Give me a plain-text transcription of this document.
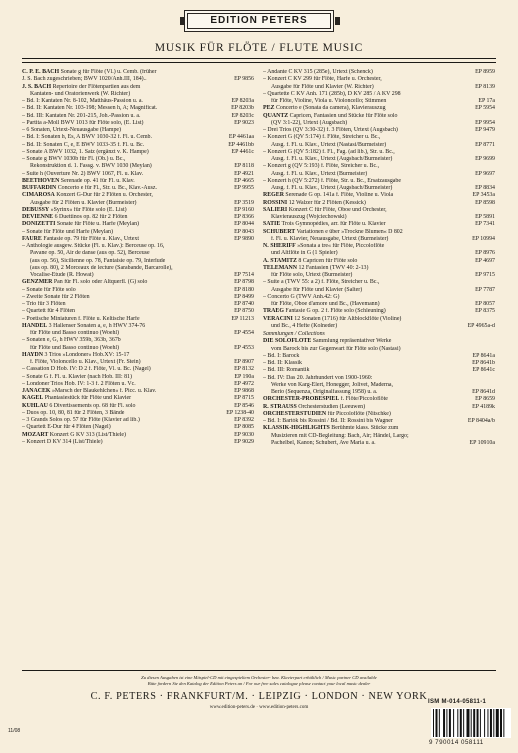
EDITION PETERS
MUSIK FÜR FLÖTE / FLUTE MUSIC
C. P. E. BACH Sonate g für Flöte (Vl.) u. Cemb. (früher
J. S. Bach zugeschrieben; BWV 1020/Anh.III, 184)..	EP 9856
J. S. BACH Repertoire der Flötenpartien aus dem
Kantaten- und Oratorienwerk (W. Richter)
– Bd. I: Kantaten Nr. 8-102, Matthäus-Passion u. a.	EP 8203a
– Bd. II: Kantaten Nr. 103-198; Messen h, A; Magnificat.	EP 8203b
– Bd. III: Kantaten Nr. 201-215, Joh.-Passion u. a.	EP 8203c
– Partita a-Moll BWV 1013 für Flöte solo, (E. List)	EP 9023
– 6 Sonaten, Urtext-Neuausgabe (Hampe)
– Bd. I: Sonaten h, Es, A BWV 1030-32 f. Fl. u. Cemb.	EP 4461aa
– Bd. II: Sonaten C, e, E BWV 1033-35 f. Fl. u. Bc.	EP 4461bb
– Sonate A BWV 1032, 1. Satz (ergänzt v. K. Hampe)	EP 4461c
– Sonate g BWV 1030b für Fl. (Ob.) u. Bc.,
Rekonstruktion d. 1. Fassg. v. BWV 1030 (Meylan)	EP 8118
– Suite h (Ouverture Nr. 2) BWV 1067, Fl. u. Klav.	EP 4921
BEETHOVEN Serenade op. 41 für Fl. u. Klav.	EP 4665
BUFFARDIN Concerto e für Fl., Str. u. Bc., Klav.-Ausz.	EP 9955
CIMAROSA Konzert G-Dur für 2 Flöten u. Orchester,
Ausgabe für 2 Flöten u. Klavier (Burmeister)	EP 3519
DEBUSSY »Syrinx« für Flöte solo (E. List)	EP 9160
DEVIENNE 6 Duettinos op. 82 für 2 Flöten	EP 8366
DONIZETTI Sonate für Flöte u. Harfe (Meylan)	EP 8044
– Sonate für Flöte und Harfe (Meylan)	EP 8043
FAURÉ Fantasie op. 79 für Flöte u. Klav., Urtext	EP 9890
– Anthologie ausgew. Stücke (Fl. u. Klav.): Berceuse op. 16,
Pavane op. 50, Air de danse (aus op. 52), Berceuse
(aus op. 56), Sicilienne op. 78, Fantaisie op. 79, Interlude
(aus op. 80), 2 Morceaux de lecture (Sarabande, Barcarolle),
Vocalise-Étude (R. Howat)	EP 7514
GENZMER Pan für Fl. solo oder Altquerfl. (G) solo	EP 8798
– Sonate für Flöte solo	EP 8180
– Zweite Sonate für 2 Flöten	EP 8499
– Trio für 3 Flöten	EP 8740
– Quartett für 4 Flöten	EP 8750
– Poetische Miniaturen f. Flöte u. Keltische Harfe	EP 11213
HÄNDEL 3 Hallenser Sonaten a, e, h HWV 374-76
für Flöte und Basso continuo (Woehl)	EP 4554
– Sonaten e, G, h HWV 359b, 363b, 367b
für Flöte und Basso continuo (Woehl)	EP 4553
HAYDN 3 Trios »Londoner« Hob.XV: 15-17
f. Flöte, Violoncello u. Klav., Urtext (Fr. Stein)	EP 8907
– Cassation D Hob. IV: D 2 f. Flöte, Vl. u. Bc. (Nagel)	EP 8132
– Sonate G f. Fl. u. Klavier (nach Hob. III: 81)	EP 190a
– Londoner Trios Hob. IV: 1-3 f. 2 Flöten u. Vc.	EP 4972
JANÁČEK »Marsch der Blaukehlchen« f. Picc. u. Klav.	EP 9868
KAGEL Phantasiestück für Flöte und Klavier	EP 8715
KUHLAU 6 Divertissements op. 68 für Fl. solo	EP 8546
– Duos op. 10, 80, 81 für 2 Flöten, 3 Bände	EP 1238-40
– 3 Grands Solos op. 57 für Flöte (Klavier ad lib.)	EP 8392
– Quartett E-Dur für 4 Flöten (Nagel)	EP 8085
MOZART Konzert G KV 313 (List/Thiele)	EP 9030
– Konzert D KV 314 (List/Thiele)	EP 9029
– Andante C KV 315 (285e), Urtext (Schenck)	EP 8959
– Konzert C KV 299 für Flöte, Harfe u. Orchester,
Ausgabe für Flöte und Klavier (W. Richter)	EP 8139
– Quartette C KV Anh. 171 (285b), D KV 285 / A KV 298
für Flöte, Violine, Viola u. Violoncello; Stimmen	EP 17a
PEZ Concerto e (Sonata da camera), Klavierauszug	EP 5954
QUANTZ Capricen, Fantasien und Stücke für Flöte solo
(QV 3:1-22), Urtext (Augsbach)	EP 9954
– Drei Trios (QV 3:30-32) f. 3 Flöten, Urtext (Augsbach)	EP 9479
– Konzert G (QV 5:174) f. Flöte, Streicher u. Bc.,
Ausg. f. Fl. u. Klav., Urtext (Nastasi/Burmeister)	EP 8771
– Konzert G (QV 5:182) f. Fl., Fag. (ad lib.), Str. u. Bc.,
Ausg. f. Fl. u. Klav., Urtext (Augsbach/Burmeister)	EP 9699
– Konzert g (QV 5:193) f. Flöte, Streicher u. Bc.,
Ausg. f. Fl. u. Klav., Urtext (Burmeister)	EP 9697
– Konzert h (QV 5:272) f. Flöte, Str. u. Bc., Ersatzausgabe
Ausg. f. Fl. u. Klav., Urtext (Augsbach/Burmeister)	EP 8834
REGER Serenade G op. 141a f. Flöte, Violine u. Viola	EP 3453a
ROSSINI 12 Walzer für 2 Flöten (Kessick)	EP 8598
SALIERI Konzert C für Flöte, Oboe und Orchester,
Klavierauszug (Wojciechowski)	EP 5891
SATIE Trois Gymnopédies, arr. für Flöte u. Klavier	EP 7341
SCHUBERT Variationen e über »Trockne Blumen« D 802
f. Fl. u. Klavier, Neuausgabe, Urtext (Burmeister)	EP 10994
N. SHERIFF »Sonata a tre« für Flöte, Piccoloflöte
und Altflöte in G (1 Spieler)	EP 8976
A. STAMITZ 8 Capricen für Flöte solo	EP 4697
TELEMANN 12 Fantasien (TWV 40: 2-13)
für Flöte solo, Urtext (Burmeister)	EP 9715
– Suite a (TWV 55: a 2) f. Flöte, Streicher u. Bc.,
Ausgabe für Flöte und Klavier (Salter)	EP 7787
– Concerto G (TWV Anh.42: G)
für Flöte, Oboe d'amore und Bc., (Havemann)	EP 8057
TRAEG Fantasie G op. 2 f. Flöte solo (Schleuning)	EP 8375
VERACINI 12 Sonaten (1716) für Altblockflöte (Violine)
und Bc., 4 Hefte (Kolneder)	EP 4965a-d
Sammlungen / Collections
DIE SOLOFLÖTE Sammlung repräsentativer Werke
vom Barock bis zur Gegenwart für Flöte solo (Nastasi)
– Bd. I: Barock	EP 8641a
– Bd. II: Klassik	EP 8641b
– Bd. III: Romantik	EP 8641c
– Bd. IV: Das 20. Jahrhundert von 1900-1960:
Werke von Karg-Elert, Honegger, Jolivet, Maderna,
Berio (Sequenza, Originalfassung 1958) u. a.	EP 8641d
ORCHESTER-PROBESPIEL f. Flöte/Piccoloflöte	EP 8659
R. STRAUSS Orchesterstudien (Leeuwen)	EP 4189k
ORCHESTERSTUDIEN für Piccoloflöte (Nitschke)
– Bd. I: Bartók bis Rossini / Bd. II: Rossini bis Wagner	EP 8404a/b
KLASSIK-HIGHLIGHTS Berühmte klass. Stücke zum
Musizieren mit CD-Begleitung: Bach, Air; Händel, Largo;
Pachelbel, Kanon; Schubert, Ave Maria u. a.	EP 10910a
Zu diesen Ausgaben ist eine Mitspiel-CD mit eingespieltem Orchester- bzw. Klavierpart erhältlich / Music partner CD available
Bitte fordern Sie den Katalog der Edition Peters an / For our free sales catalogue please contact your local music dealer
C. F. PETERS · FRANKFURT/M. · LEIPZIG · LONDON · NEW YORK
www.edition-peters.de · www.edition-peters.com
11/08
ISM M-014-05811-1
9 790014 058111
